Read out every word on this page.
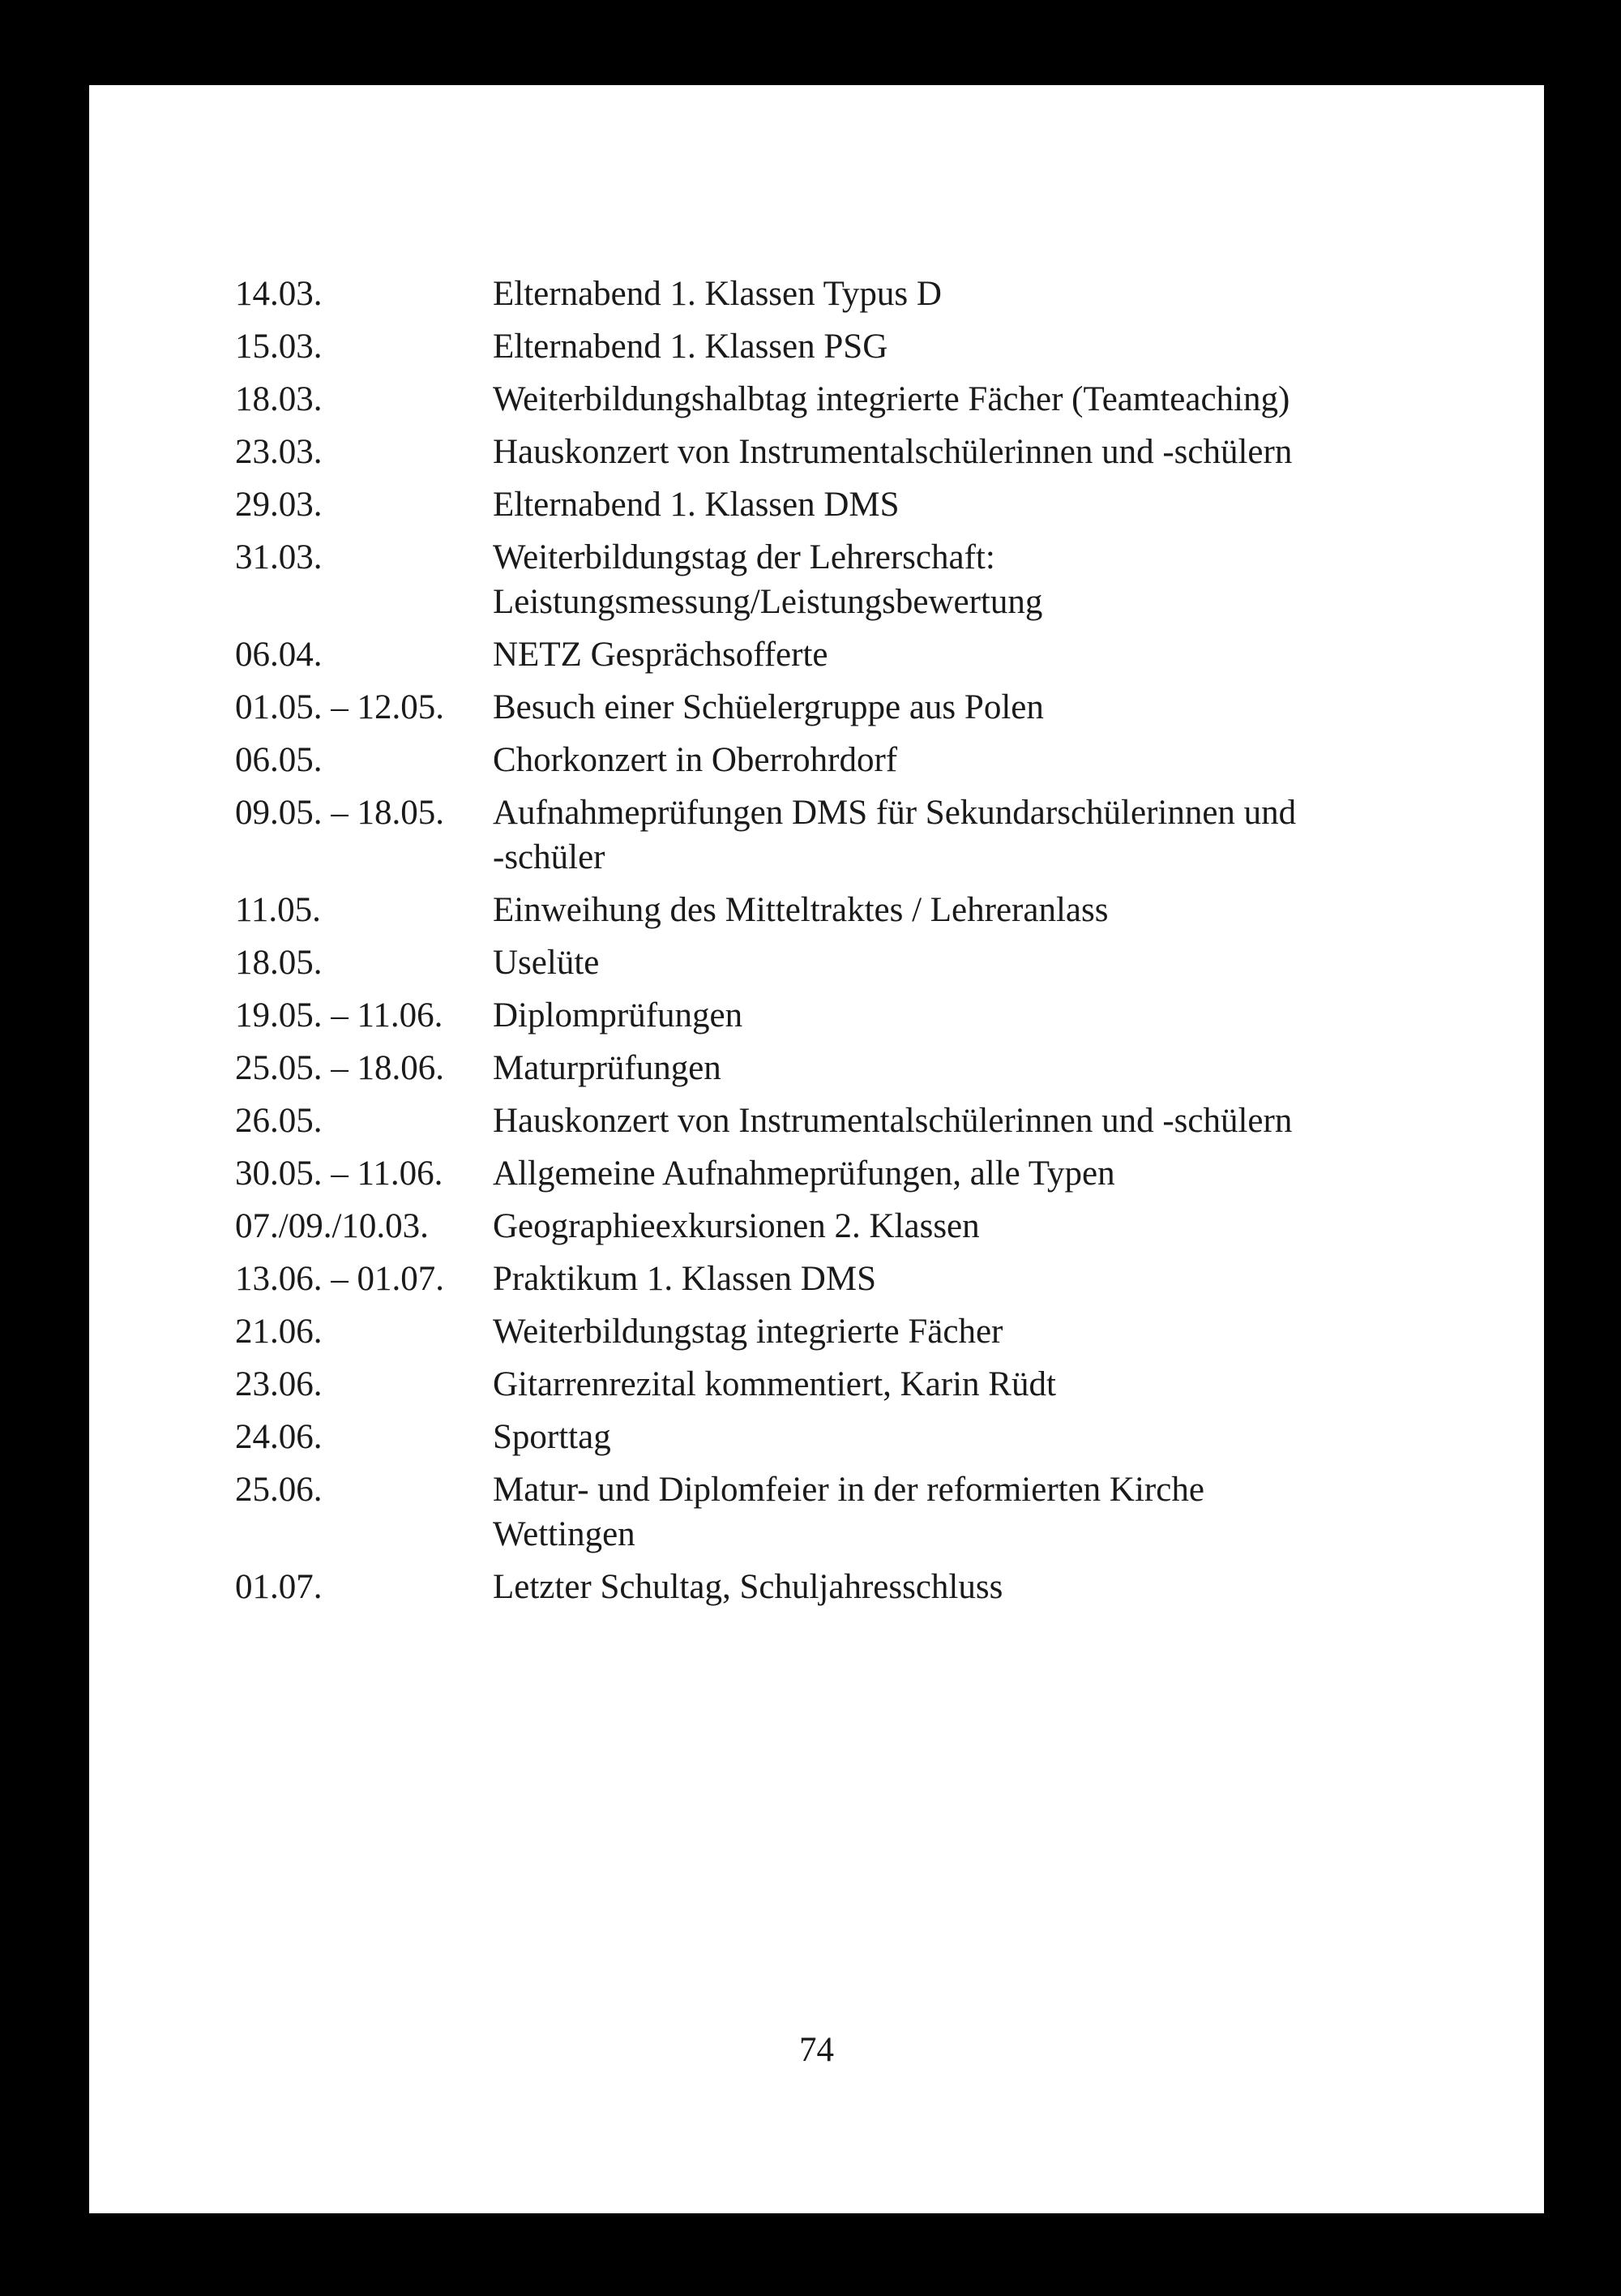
14.03.	Elternabend 1. Klassen Typus D
15.03.	Elternabend 1. Klassen PSG
18.03.	Weiterbildungshalbtag integrierte Fächer (Teamteaching)
23.03.	Hauskonzert von Instrumentalschülerinnen und -schülern
29.03.	Elternabend 1. Klassen DMS
31.03.	Weiterbildungstag der Lehrerschaft:
Leistungsmessung/Leistungsbewertung
06.04.	NETZ Gesprächsofferte
01.05. – 12.05.	Besuch einer Schüelergruppe aus Polen
06.05.	Chorkonzert in Oberrohrdorf
09.05. – 18.05.	Aufnahmeprüfungen DMS für Sekundarschülerinnen und
-schüler
11.05.	Einweihung des Mitteltraktes / Lehreranlass
18.05.	Uselüte
19.05. – 11.06.	Diplomprüfungen
25.05. – 18.06.	Maturprüfungen
26.05.	Hauskonzert von Instrumentalschülerinnen und -schülern
30.05. – 11.06.	Allgemeine Aufnahmeprüfungen, alle Typen
07./09./10.03.	Geographieexkursionen 2. Klassen
13.06. – 01.07.	Praktikum 1. Klassen DMS
21.06.	Weiterbildungstag integrierte Fächer
23.06.	Gitarrenrezital kommentiert, Karin Rüdt
24.06.	Sporttag
25.06.	Matur- und Diplomfeier in der reformierten Kirche
Wettingen
01.07.	Letzter Schultag, Schuljahresschluss
74
